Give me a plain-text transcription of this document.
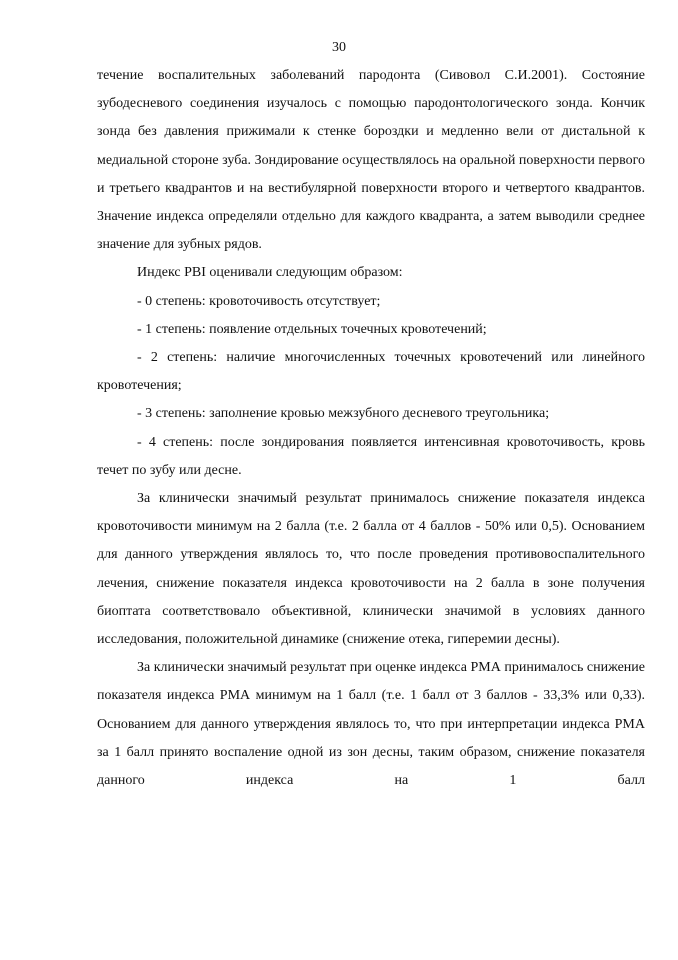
30

течение воспалительных заболеваний пародонта (Сивовол С.И.2001). Состояние зубодесневого соединения изучалось с помощью пародонтологического зонда. Кончик зонда без давления прижимали к стенке бороздки и медленно вели от дистальной к медиальной стороне зуба. Зондирование осуществлялось на оральной поверхности первого и третьего квадрантов и на вестибулярной поверхности второго и четвертого квадрантов. Значение индекса определяли отдельно для каждого квадранта, а затем выводили среднее значение для зубных рядов.

Индекс PBI оценивали следующим образом:

- 0 степень: кровоточивость отсутствует;

- 1 степень: появление отдельных точечных кровотечений;

- 2 степень: наличие многочисленных точечных кровотечений или линейного кровотечения;

- 3 степень: заполнение кровью межзубного десневого треугольника;

- 4 степень: после зондирования появляется интенсивная кровоточивость, кровь течет по зубу или десне.

За клинически значимый результат принималось снижение показателя индекса кровоточивости минимум на 2 балла (т.е. 2 балла от 4 баллов - 50% или 0,5). Основанием для данного утверждения являлось то, что после проведения противовоспалительного лечения, снижение показателя индекса кровоточивости на 2 балла в зоне получения биоптата соответствовало объективной, клинически значимой в условиях данного исследования, положительной динамике (снижение отека, гиперемии десны).

За клинически значимый результат при оценке индекса РМА принималось снижение показателя индекса РМА минимум на 1 балл (т.е. 1 балл от 3 баллов - 33,3% или 0,33). Основанием для данного утверждения являлось то, что при интерпретации индекса РМА за 1 балл принято воспаление одной из зон десны, таким образом, снижение показателя данного индекса на 1 балл
